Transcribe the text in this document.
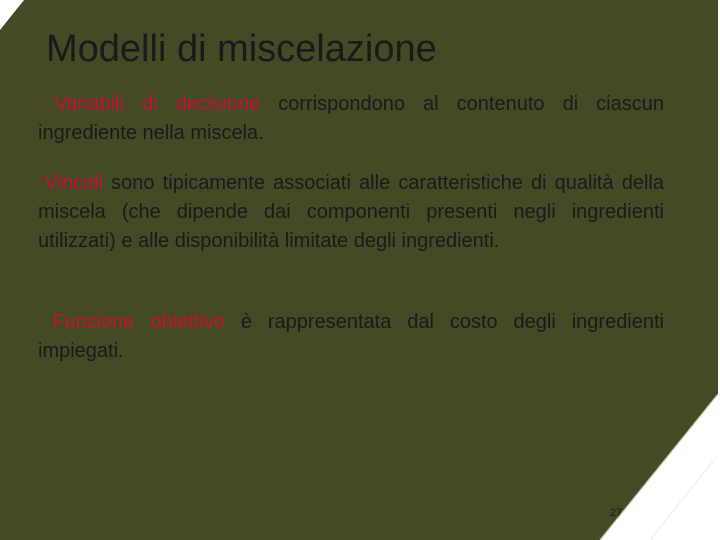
Modelli di miscelazione
▫Variabili di decisione corrispondono al contenuto di ciascun ingrediente nella miscela.
▫Vincoli sono tipicamente associati alle caratteristiche di qualità della miscela (che dipende dai componenti presenti negli ingredienti utilizzati) e alle disponibilità limitate degli ingredienti.
▫Funzione obiettivo è rappresentata dal costo degli ingredienti impiegati.
27
